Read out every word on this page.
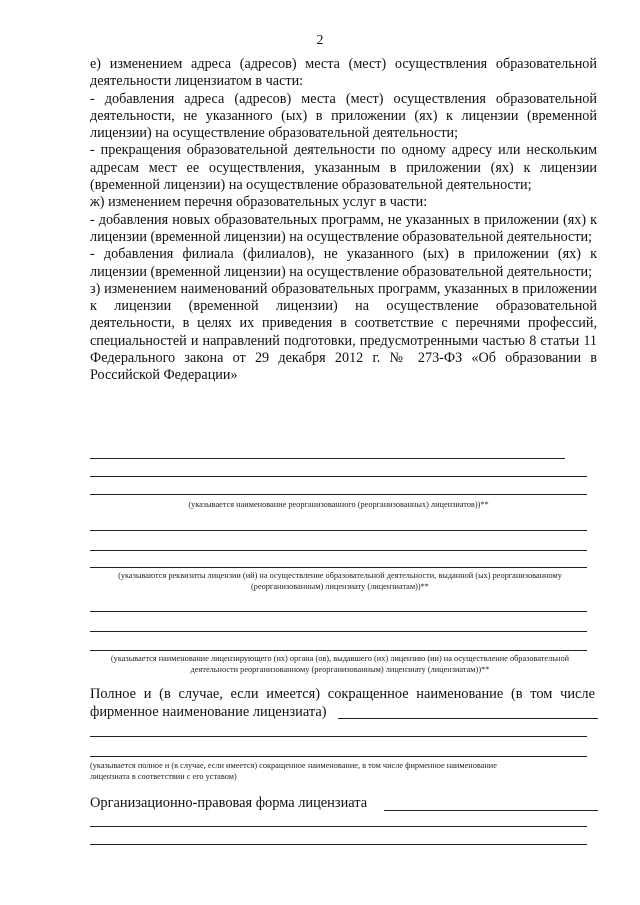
2

е) изменением адреса (адресов) места (мест) осуществления образовательной деятельности лицензиатом в части:

- добавления адреса (адресов) места (мест) осуществления образовательной деятельности, не указанного (ых) в приложении (ях) к лицензии (временной лицензии) на осуществление образовательной деятельности;

- прекращения образовательной деятельности по одному адресу или нескольким адресам мест ее осуществления, указанным в приложении (ях) к лицензии (временной лицензии) на осуществление образовательной деятельности;

ж) изменением перечня образовательных услуг в части:

- добавления новых образовательных программ, не указанных в приложении (ях) к лицензии (временной лицензии) на осуществление образовательной деятельности;

- добавления филиала (филиалов), не указанного (ых) в приложении (ях) к лицензии (временной лицензии) на осуществление образовательной деятельности;

з) изменением наименований образовательных программ, указанных в приложении к лицензии (временной лицензии) на осуществление образовательной деятельности, в целях их приведения в соответствие с перечнями профессий, специальностей и направлений подготовки, предусмотренными частью 8 статьи 11 Федерального закона от 29 декабря 2012 г. № 273-ФЗ «Об образовании в Российской Федерации»

(указывается наименование реорганизованного (реорганизованных) лицензиатов))**
(указываются реквизиты лицензии (ий) на осуществление образовательной деятельности, выданной (ых) реорганизованному (реорганизованным) лицензиату (лицензиатам))**
(указывается наименование лицензирующего (их) органа (ов), выдавшего (их) лицензию (ии) на осуществление образовательной деятельности реорганизованному (реорганизованным) лицензиату (лицензиатам))**
Полное и (в случае, если имеется) сокращенное наименование (в том числе фирменное наименование лицензиата)
(указывается полное и (в случае, если имеется) сокращенное наименование, в том числе фирменное наименование лицензиата в соответствии с его уставом)
Организационно-правовая форма лицензиата
